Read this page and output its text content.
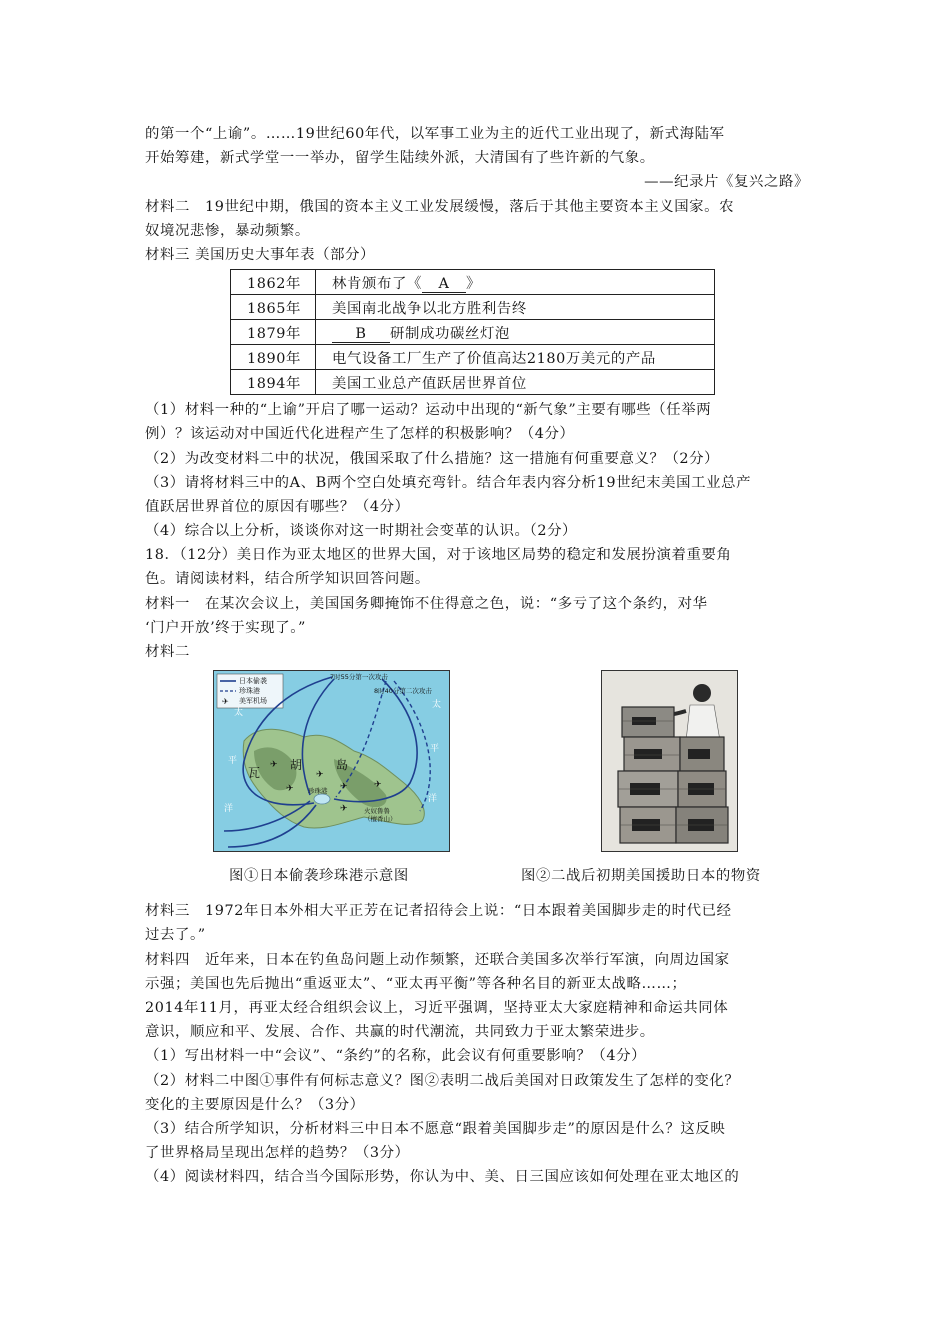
的第一个“上谕”。……19世纪60年代，以军事工业为主的近代工业出现了，新式海陆军
开始筹建，新式学堂一一举办，留学生陆续外派，大清国有了些许新的气象。
——纪录片《复兴之路》
材料二　19世纪中期，俄国的资本主义工业发展缓慢，落后于其他主要资本主义国家。农
奴境况悲惨，暴动频繁。
材料三 美国历史大事年表（部分）
1862年	林肯颁布了《 A 》
1865年	美国南北战争以北方胜利告终
1879年	B 研制成功碳丝灯泡
1890年	电气设备工厂生产了价值高达2180万美元的产品
1894年	美国工业总产值跃居世界首位
（1）材料一种的“上谕”开启了哪一运动？运动中出现的“新气象”主要有哪些（任举两
例）？该运动对中国近代化进程产生了怎样的积极影响？（4分）
（2）为改变材料二中的状况，俄国采取了什么措施？这一措施有何重要意义？（2分）
（3）请将材料三中的A、B两个空白处填充弯针。结合年表内容分析19世纪末美国工业总产
值跃居世界首位的原因有哪些？（4分）
（4）综合以上分析，谈谈你对这一时期社会变革的认识。（2分）
18．（12分）美日作为亚太地区的世界大国，对于该地区局势的稳定和发展扮演着重要角
色。请阅读材料，结合所学知识回答问题。
材料一　在某次会议上，美国国务卿掩饰不住得意之色，说：“多亏了这个条约，对华
‘门户开放’终于实现了。”
材料二
✈
日本偷袭
珍珠港
美军机场
✈	✈	✈
✈
✈
✈
7时55分第一次攻击
8时40分第二次攻击
太
平
洋
太
平
洋
瓦
胡	岛
珍珠港
火奴鲁鲁
（檀香山）
图①日本偷袭珍珠港示意图	图②二战后初期美国援助日本的物资
材料三　1972年日本外相大平正芳在记者招待会上说：“日本跟着美国脚步走的时代已经
过去了。”
材料四　近年来，日本在钓鱼岛问题上动作频繁，还联合美国多次举行军演，向周边国家
示强；美国也先后抛出“重返亚太”、“亚太再平衡”等各种名目的新亚太战略……；
2014年11月，再亚太经合组织会议上，习近平强调，坚持亚太大家庭精神和命运共同体
意识，顺应和平、发展、合作、共赢的时代潮流，共同致力于亚太繁荣进步。
（1）写出材料一中“会议”、“条约”的名称，此会议有何重要影响？（4分）
（2）材料二中图①事件有何标志意义？图②表明二战后美国对日政策发生了怎样的变化？
变化的主要原因是什么？（3分）
（3）结合所学知识，分析材料三中日本不愿意“跟着美国脚步走”的原因是什么？这反映
了世界格局呈现出怎样的趋势？（3分）
（4）阅读材料四，结合当今国际形势，你认为中、美、日三国应该如何处理在亚太地区的
